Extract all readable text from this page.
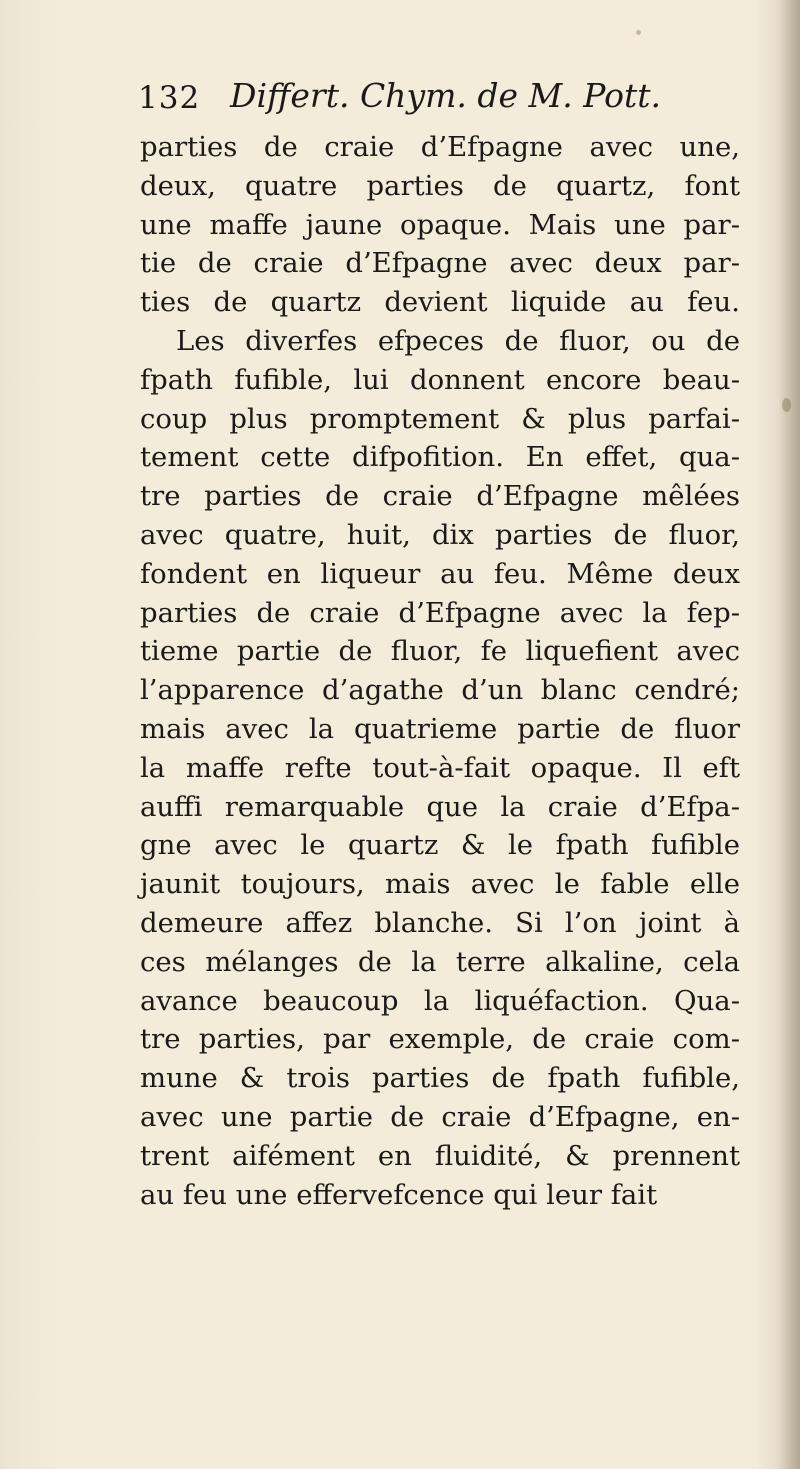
132 Differt. Chym. de M. Pott.
parties de craie d’Efpagne avec une,
deux, quatre parties de quartz, font
une maffe jaune opaque. Mais une par-
tie de craie d’Efpagne avec deux par-
ties de quartz devient liquide au feu.
Les diverfes efpeces de fluor, ou de
fpath fufible, lui donnent encore beau-
coup plus promptement & plus parfai-
tement cette difpofition. En effet, qua-
tre parties de craie d’Efpagne mêlées
avec quatre, huit, dix parties de fluor,
fondent en liqueur au feu. Même deux
parties de craie d’Efpagne avec la fep-
tieme partie de fluor, fe liquefient avec
l’apparence d’agathe d’un blanc cendré;
mais avec la quatrieme partie de fluor
la maffe refte tout-à-fait opaque. Il eft
auffi remarquable que la craie d’Efpa-
gne avec le quartz & le fpath fufible
jaunit toujours, mais avec le fable elle
demeure affez blanche. Si l’on joint à
ces mélanges de la terre alkaline, cela
avance beaucoup la liquéfaction. Qua-
tre parties, par exemple, de craie com-
mune & trois parties de fpath fufible,
avec une partie de craie d’Efpagne, en-
trent aifément en fluidité, & prennent
au feu une effervefcence qui leur fait
